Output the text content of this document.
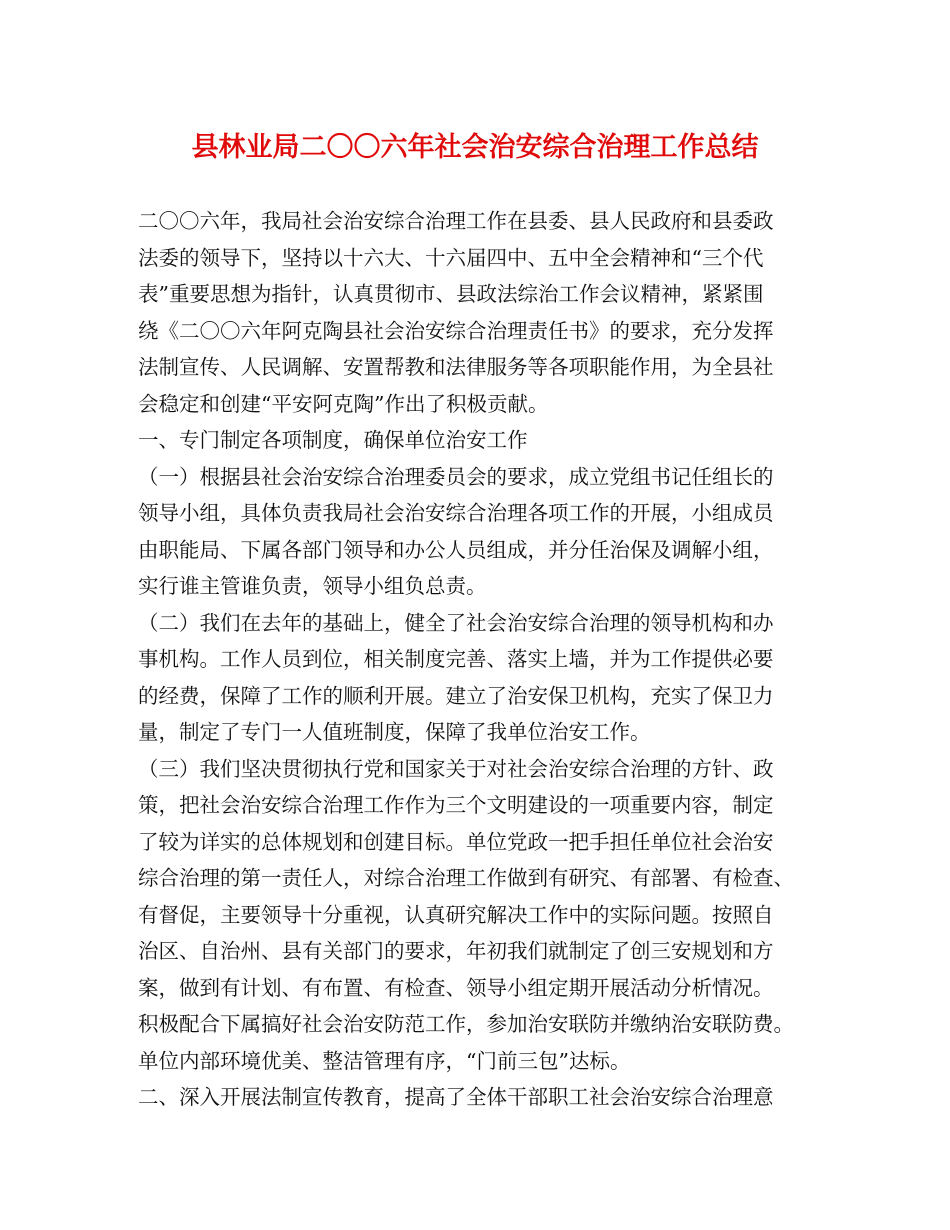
县林业局二〇〇六年社会治安综合治理工作总结
二〇〇六年，我局社会治安综合治理工作在县委、县人民政府和县委政
法委的领导下，坚持以十六大、十六届四中、五中全会精神和“三个代
表”重要思想为指针，认真贯彻市、县政法综治工作会议精神，紧紧围
绕《二〇〇六年阿克陶县社会治安综合治理责任书》的要求，充分发挥
法制宣传、人民调解、安置帮教和法律服务等各项职能作用，为全县社
会稳定和创建“平安阿克陶”作出了积极贡献。
一、专门制定各项制度，确保单位治安工作
（一）根据县社会治安综合治理委员会的要求，成立党组书记任组长的
领导小组，具体负责我局社会治安综合治理各项工作的开展，小组成员
由职能局、下属各部门领导和办公人员组成，并分任治保及调解小组，
实行谁主管谁负责，领导小组负总责。
（二）我们在去年的基础上，健全了社会治安综合治理的领导机构和办
事机构。工作人员到位，相关制度完善、落实上墙，并为工作提供必要
的经费，保障了工作的顺利开展。建立了治安保卫机构，充实了保卫力
量，制定了专门一人值班制度，保障了我单位治安工作。
（三）我们坚决贯彻执行党和国家关于对社会治安综合治理的方针、政
策，把社会治安综合治理工作作为三个文明建设的一项重要内容，制定
了较为详实的总体规划和创建目标。单位党政一把手担任单位社会治安
综合治理的第一责任人，对综合治理工作做到有研究、有部署、有检查、
有督促，主要领导十分重视，认真研究解决工作中的实际问题。按照自
治区、自治州、县有关部门的要求，年初我们就制定了创三安规划和方
案，做到有计划、有布置、有检查、领导小组定期开展活动分析情况。
积极配合下属搞好社会治安防范工作，参加治安联防并缴纳治安联防费。
单位内部环境优美、整洁管理有序，“门前三包”达标。
二、深入开展法制宣传教育，提高了全体干部职工社会治安综合治理意
